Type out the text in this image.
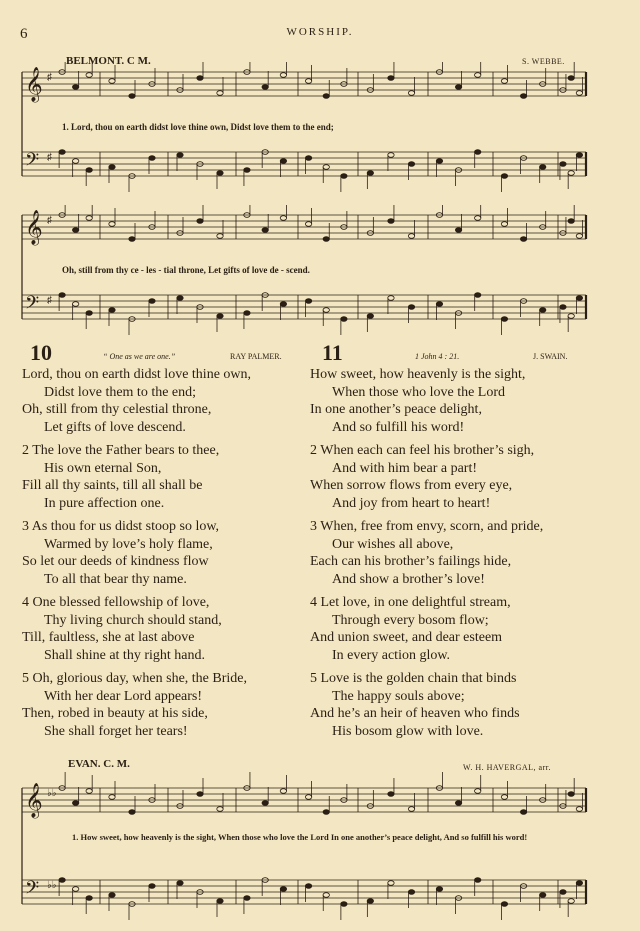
6	WORSHIP.
BELMONT. C M.	S. WEBBE.
𝄞
𝄢
♯
♯
1. Lord, thou on earth didst love thine own, Didst love them to the end;
𝄞
𝄢
♯
♯
Oh, still from thy ce - les - tial throne, Let gifts of love de - scend.
10	“ One as we are one.”	RAY PALMER.
Lord, thou on earth didst love thine own,
Didst love them to the end;
Oh, still from thy celestial throne,
Let gifts of love descend.
2 The love the Father bears to thee,
His own eternal Son,
Fill all thy saints, till all shall be
In pure affection one.
3 As thou for us didst stoop so low,
Warmed by love’s holy flame,
So let our deeds of kindness flow
To all that bear thy name.
4 One blessed fellowship of love,
Thy living church should stand,
Till, faultless, she at last above
Shall shine at thy right hand.
5 Oh, glorious day, when she, the Bride,
With her dear Lord appears!
Then, robed in beauty at his side,
She shall forget her tears!
11	1 John 4 : 21.	J. SWAIN.
How sweet, how heavenly is the sight,
When those who love the Lord
In one another’s peace delight,
And so fulfill his word!
2 When each can feel his brother’s sigh,
And with him bear a part!
When sorrow flows from every eye,
And joy from heart to heart!
3 When, free from envy, scorn, and pride,
Our wishes all above,
Each can his brother’s failings hide,
And show a brother’s love!
4 Let love, in one delightful stream,
Through every bosom flow;
And union sweet, and dear esteem
In every action glow.
5 Love is the golden chain that binds
The happy souls above;
And he’s an heir of heaven who finds
His bosom glow with love.
EVAN. C. M.	W. H. HAVERGAL, arr.
𝄞
𝄢
♭♭
♭♭
1. How sweet, how heavenly is the sight, When those who love the Lord In one another’s peace delight, And so fulfill his word!
